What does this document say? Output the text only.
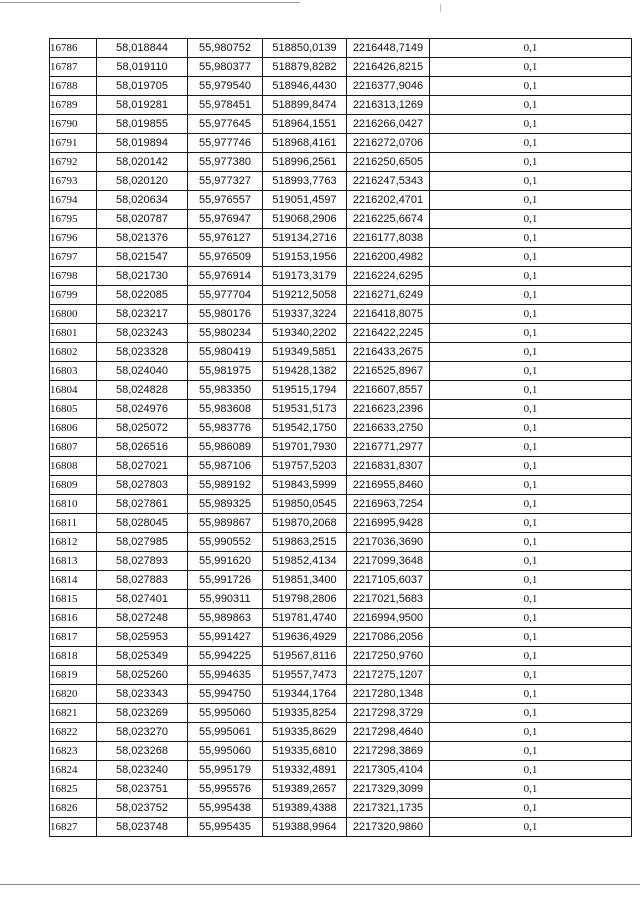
16786	58,018844	55,980752	518850,0139	2216448,7149	0,1
16787	58,019110	55,980377	518879,8282	2216426,8215	0,1
16788	58,019705	55,979540	518946,4430	2216377,9046	0,1
16789	58,019281	55,978451	518899,8474	2216313,1269	0,1
16790	58,019855	55,977645	518964,1551	2216266,0427	0,1
16791	58,019894	55,977746	518968,4161	2216272,0706	0,1
16792	58,020142	55,977380	518996,2561	2216250,6505	0,1
16793	58,020120	55,977327	518993,7763	2216247,5343	0,1
16794	58,020634	55,976557	519051,4597	2216202,4701	0,1
16795	58,020787	55,976947	519068,2906	2216225,6674	0,1
16796	58,021376	55,976127	519134,2716	2216177,8038	0,1
16797	58,021547	55,976509	519153,1956	2216200,4982	0,1
16798	58,021730	55,976914	519173,3179	2216224,6295	0,1
16799	58,022085	55,977704	519212,5058	2216271,6249	0,1
16800	58,023217	55,980176	519337,3224	2216418,8075	0,1
16801	58,023243	55,980234	519340,2202	2216422,2245	0,1
16802	58,023328	55,980419	519349,5851	2216433,2675	0,1
16803	58,024040	55,981975	519428,1382	2216525,8967	0,1
16804	58,024828	55,983350	519515,1794	2216607,8557	0,1
16805	58,024976	55,983608	519531,5173	2216623,2396	0,1
16806	58,025072	55,983776	519542,1750	2216633,2750	0,1
16807	58,026516	55,986089	519701,7930	2216771,2977	0,1
16808	58,027021	55,987106	519757,5203	2216831,8307	0,1
16809	58,027803	55,989192	519843,5999	2216955,8460	0,1
16810	58,027861	55,989325	519850,0545	2216963,7254	0,1
16811	58,028045	55,989867	519870,2068	2216995,9428	0,1
16812	58,027985	55,990552	519863,2515	2217036,3690	0,1
16813	58,027893	55,991620	519852,4134	2217099,3648	0,1
16814	58,027883	55,991726	519851,3400	2217105,6037	0,1
16815	58,027401	55,990311	519798,2806	2217021,5683	0,1
16816	58,027248	55,989863	519781,4740	2216994,9500	0,1
16817	58,025953	55,991427	519636,4929	2217086,2056	0,1
16818	58,025349	55,994225	519567,8116	2217250,9760	0,1
16819	58,025260	55,994635	519557,7473	2217275,1207	0,1
16820	58,023343	55,994750	519344,1764	2217280,1348	0,1
16821	58,023269	55,995060	519335,8254	2217298,3729	0,1
16822	58,023270	55,995061	519335,8629	2217298,4640	0,1
16823	58,023268	55,995060	519335,6810	2217298,3869	0,1
16824	58,023240	55,995179	519332,4891	2217305,4104	0,1
16825	58,023751	55,995576	519389,2657	2217329,3099	0,1
16826	58,023752	55,995438	519389,4388	2217321,1735	0,1
16827	58,023748	55,995435	519388,9964	2217320,9860	0,1
